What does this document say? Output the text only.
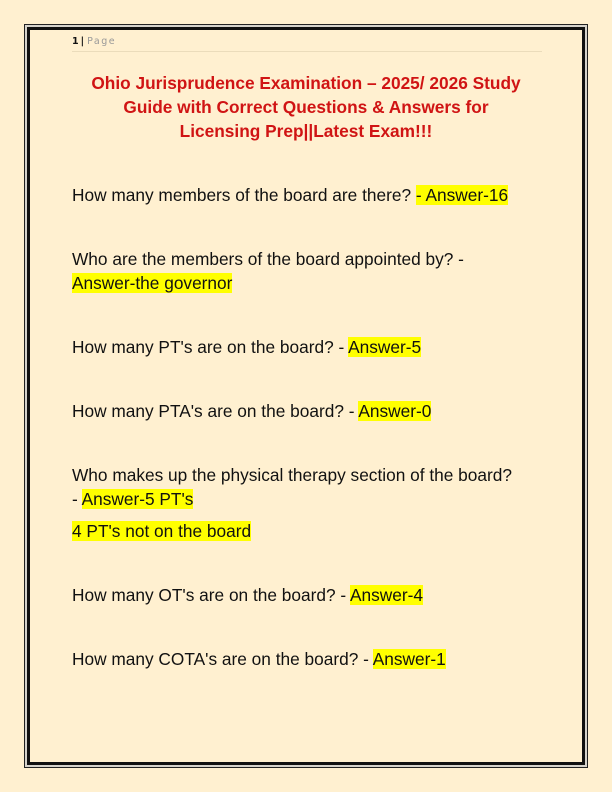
1 | Page
Ohio Jurisprudence Examination – 2025/ 2026 Study
Guide with Correct Questions & Answers for
Licensing Prep||Latest Exam!!!
How many members of the board are there? - Answer-16
Who are the members of the board appointed by? -
Answer-the governor
How many PT's are on the board? - Answer-5
How many PTA's are on the board? - Answer-0
Who makes up the physical therapy section of the board?
- Answer-5 PT's
4 PT's not on the board
How many OT's are on the board? - Answer-4
How many COTA's are on the board? - Answer-1
